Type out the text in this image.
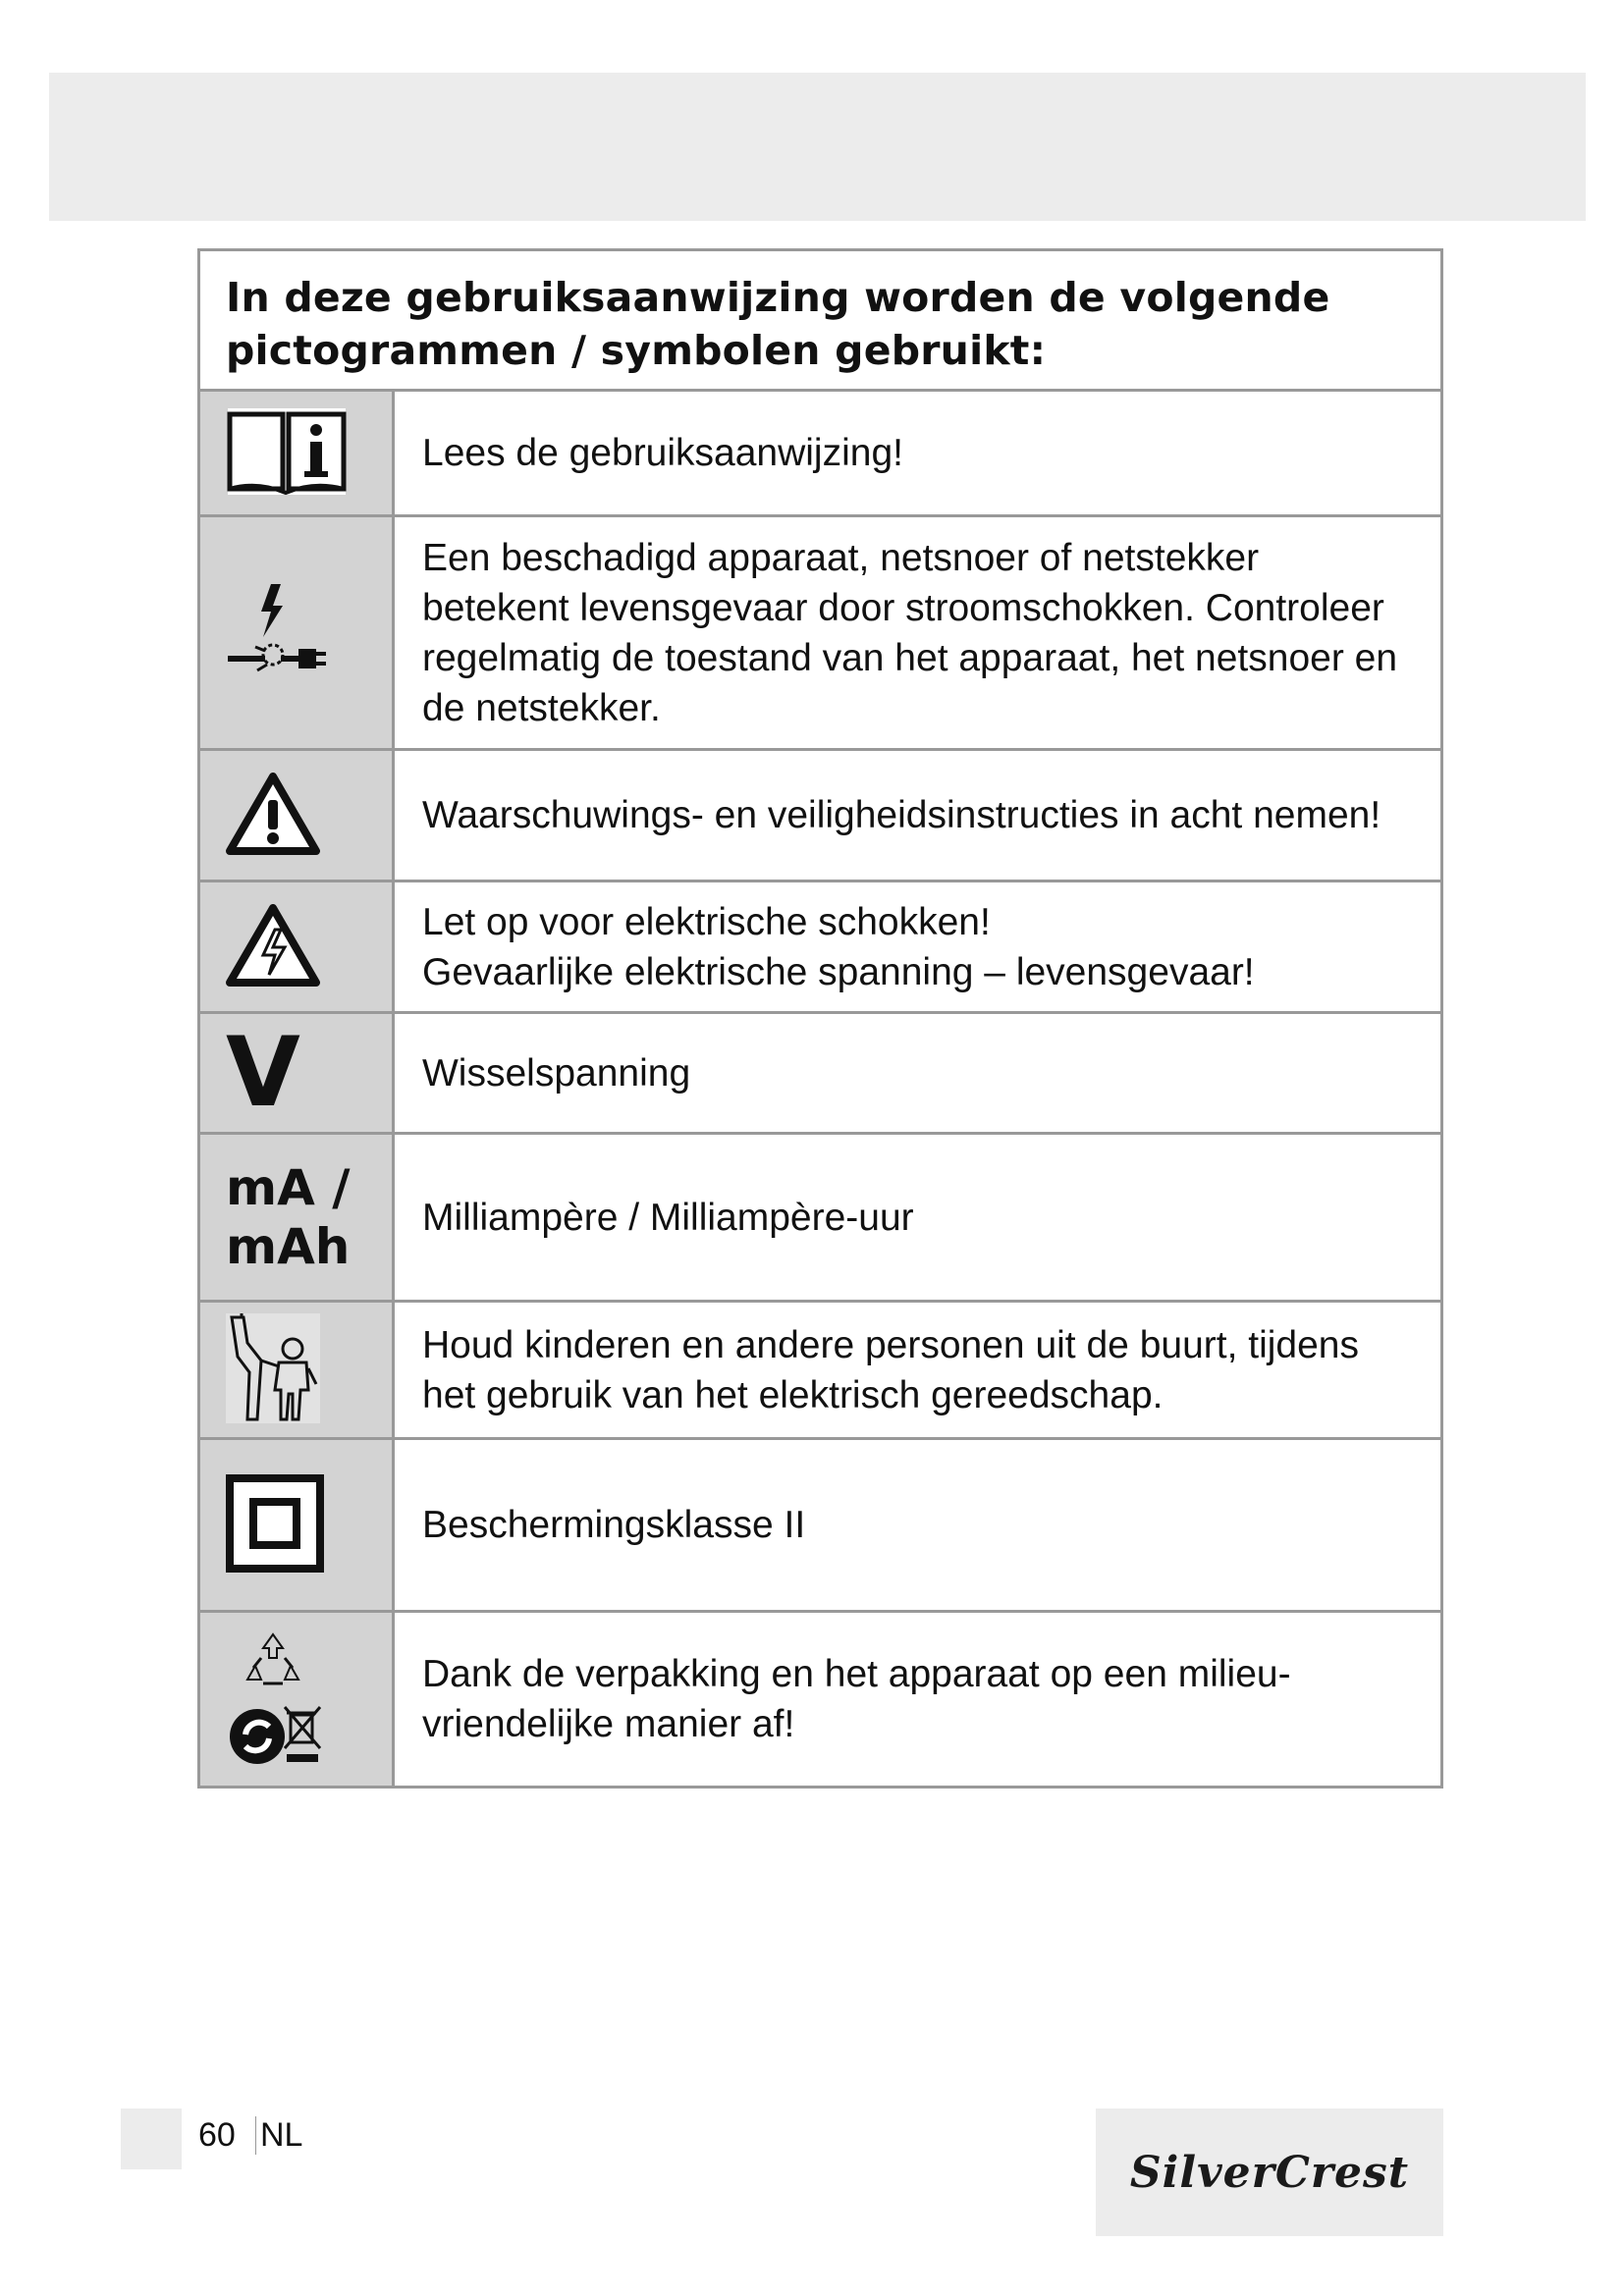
In deze gebruiksaanwijzing worden de volgende
pictogrammen / symbolen gebruikt:	

Lees de gebruiksaanwijzing!

Een beschadigd apparaat, netsnoer of netstekker
betekent levensgevaar door stroomschokken. Controleer
regelmatig de toestand van het apparaat, het netsnoer en
de netstekker.

Waarschuwings- en veiligheidsinstructies in acht nemen!

Let op voor elektrische schokken!
Gevaarlijke elektrische spanning – levensgevaar!

V	Wisselspanning

mA /
mAh	Milliampère / Milliampère-uur

Houd kinderen en andere personen uit de buurt, tijdens
het gebruik van het elektrisch gereedschap.

Beschermingsklasse II

Dank de verpakking en het apparaat op een milieu-
vriendelijke manier af!
60 NL
SilverCrest
